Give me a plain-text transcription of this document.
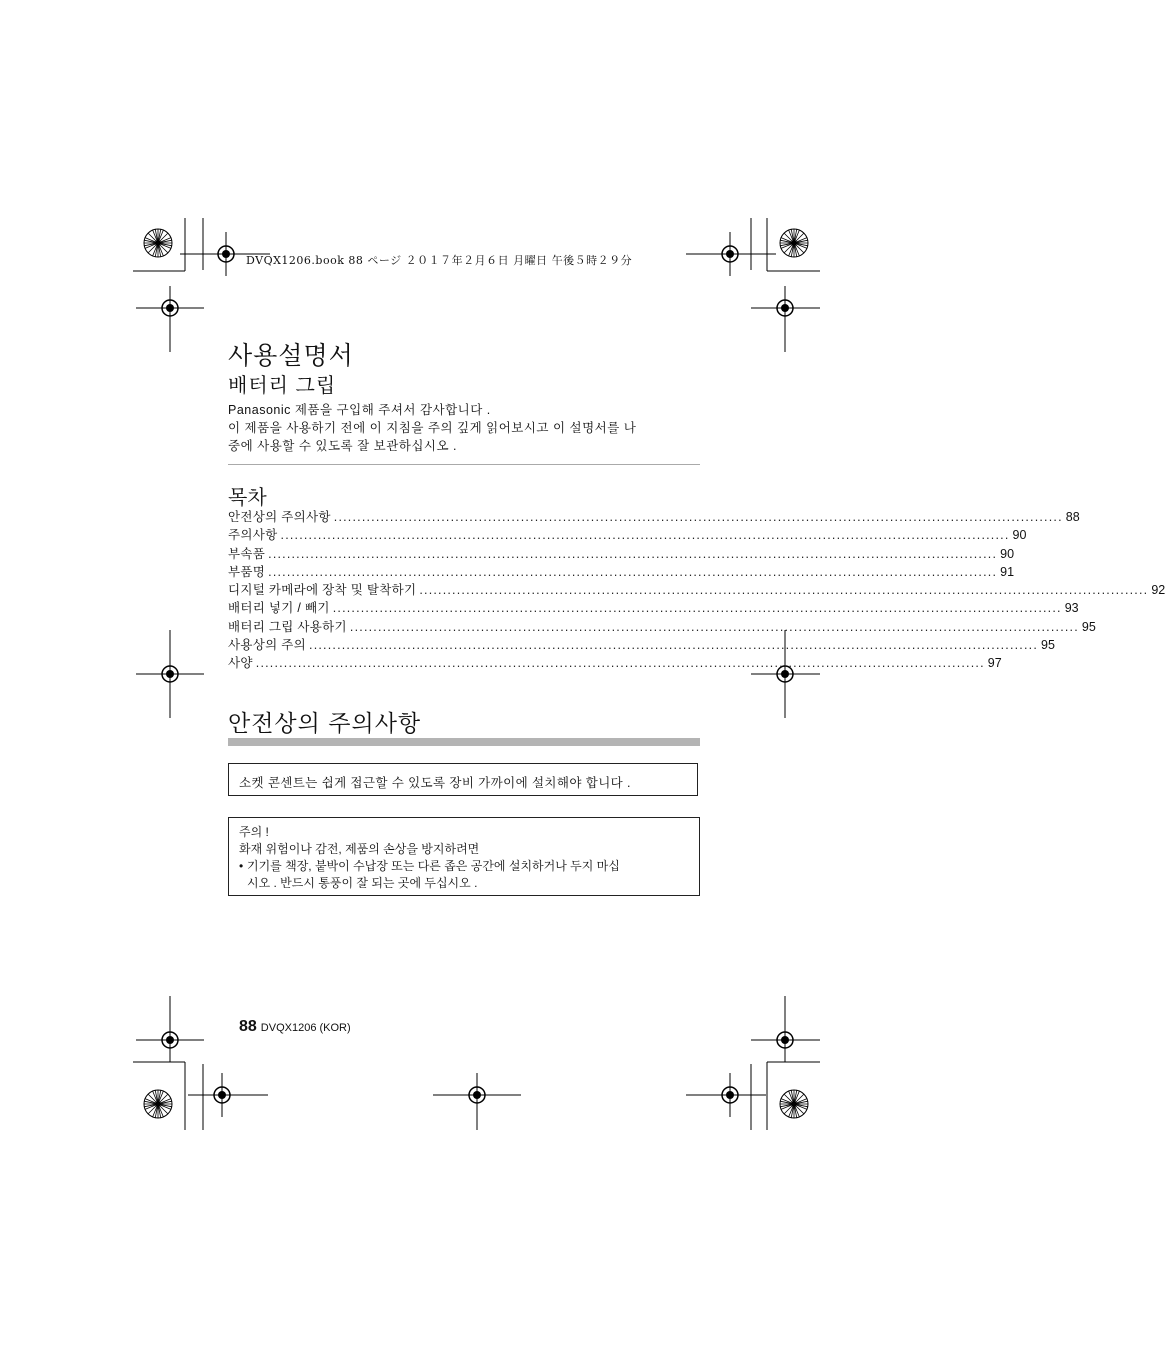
DVQX1206.book 88 ページ ２０１７年２月６日 月曜日 午後５時２９分
사용설명서
배터리 그립

Panasonic 제품을 구입해 주셔서 감사합니다 .

이 제품을 사용하기 전에 이 지침을 주의 깊게 읽어보시고 이 설명서를 나

중에 사용할 수 있도록 잘 보관하십시오 .

목차
안전상의 주의사항 ............................................................................................................................................................ 88
주의사항 ............................................................................................................................................................ 90
부속품 ............................................................................................................................................................ 90
부품명 ............................................................................................................................................................ 91
디지털 카메라에 장착 및 탈착하기 ............................................................................................................................................................ 92
배터리 넣기 / 빼기 ............................................................................................................................................................ 93
배터리 그립 사용하기 ............................................................................................................................................................ 95
사용상의 주의 ............................................................................................................................................................ 95
사양 ............................................................................................................................................................ 97
안전상의 주의사항
소켓 콘센트는 쉽게 접근할 수 있도록 장비 가까이에 설치해야 합니다 .
주의 !
화재 위험이나 감전, 제품의 손상을 방지하려면
• 기기를 책장, 붙박이 수납장 또는 다른 좁은 공간에 설치하거나 두지 마십
시오 . 반드시 통풍이 잘 되는 곳에 두십시오 .
88 DVQX1206 (KOR)
